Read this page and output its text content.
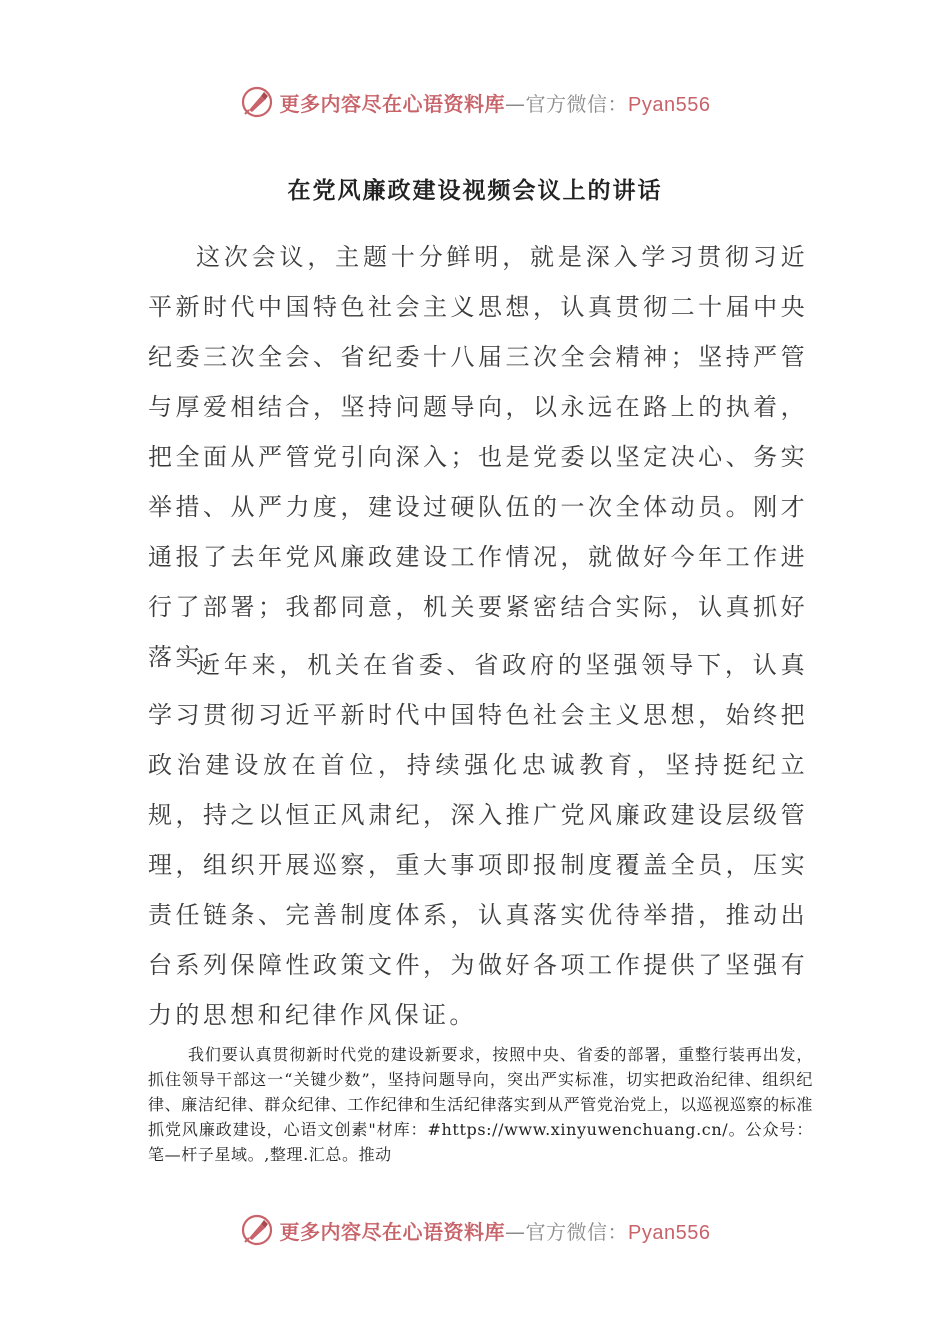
更多内容尽在心语资料库—官方微信：Pyan556
在党风廉政建设视频会议上的讲话

这次会议，主题十分鲜明，就是深入学习贯彻习近平新时代中国特色社会主义思想，认真贯彻二十届中央纪委三次全会、省纪委十八届三次全会精神；坚持严管与厚爱相结合，坚持问题导向，以永远在路上的执着，把全面从严管党引向深入；也是党委以坚定决心、务实举措、从严力度，建设过硬队伍的一次全体动员。刚才通报了去年党风廉政建设工作情况，就做好今年工作进行了部署；我都同意，机关要紧密结合实际，认真抓好落实。

近年来，机关在省委、省政府的坚强领导下，认真学习贯彻习近平新时代中国特色社会主义思想，始终把政治建设放在首位，持续强化忠诚教育，坚持挺纪立规，持之以恒正风肃纪，深入推广党风廉政建设层级管理，组织开展巡察，重大事项即报制度覆盖全员，压实责任链条、完善制度体系，认真落实优待举措，推动出台系列保障性政策文件，为做好各项工作提供了坚强有力的思想和纪律作风保证。

我们要认真贯彻新时代党的建设新要求，按照中央、省委的部署，重整行装再出发，抓住领导干部这一“关键少数”，坚持问题导向，突出严实标准，切实把政治纪律、组织纪律、廉洁纪律、群众纪律、工作纪律和生活纪律落实到从严管党治党上，以巡视巡察的标准抓党风廉政建设，心语文创素"材库：#https://www.xinyuwenchuang.cn/。公众号：笔—杆子星域。,整理.汇总。推动

更多内容尽在心语资料库—官方微信：Pyan556
